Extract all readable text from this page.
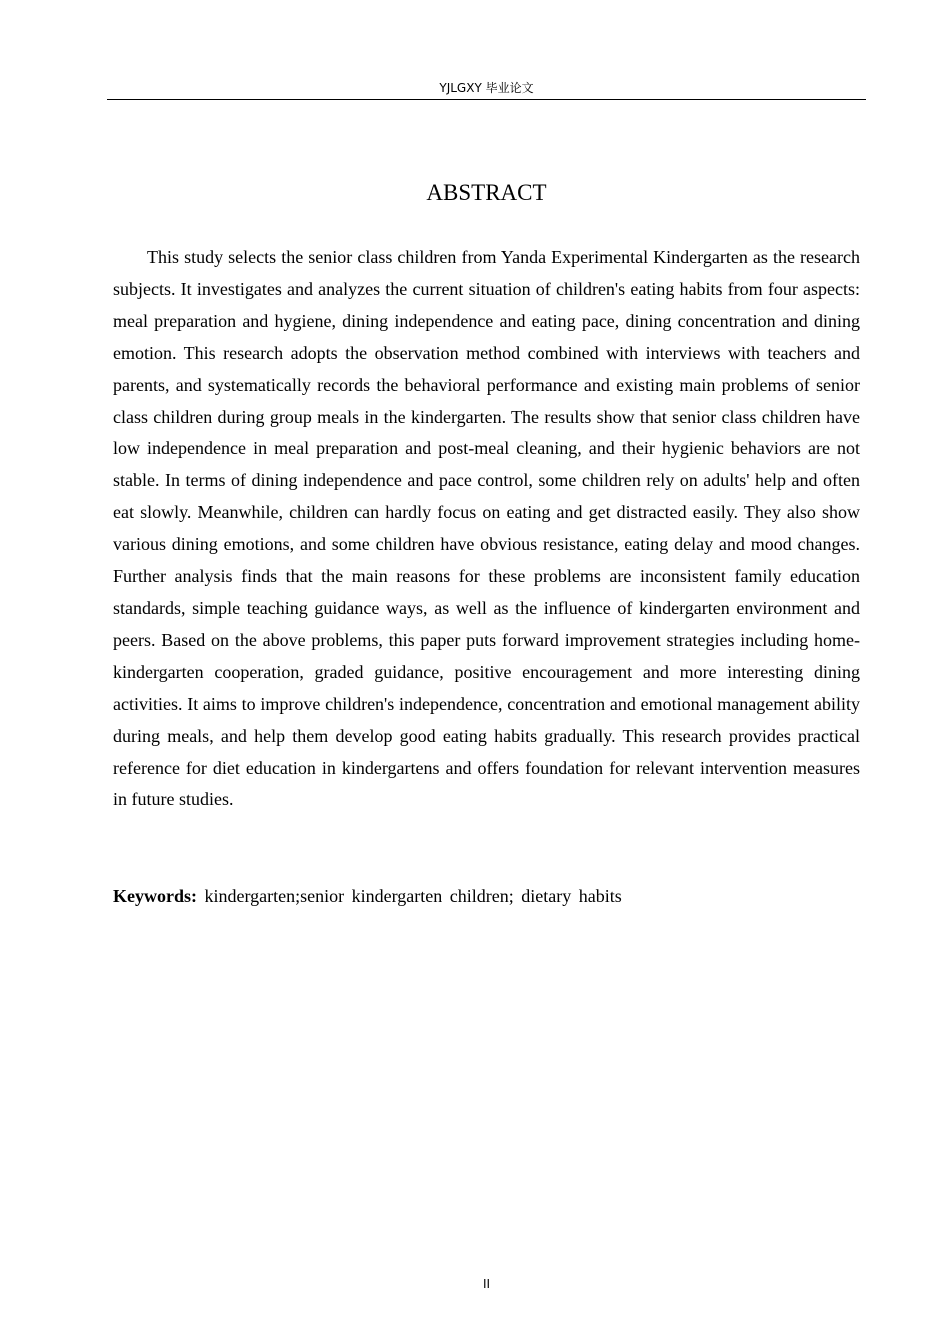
YJLGXY 毕业论文
ABSTRACT

This study selects the senior class children from Yanda Experimental Kindergarten as the research subjects. It investigates and analyzes the current situation of children's eating habits from four aspects: meal preparation and hygiene, dining independence and eating pace, dining concentration and dining emotion. This research adopts the observation method combined with interviews with teachers and parents, and systematically records the behavioral performance and existing main problems of senior class children during group meals in the kindergarten. The results show that senior class children have low independence in meal preparation and post-meal cleaning, and their hygienic behaviors are not stable. In terms of dining independence and pace control, some children rely on adults' help and often eat slowly. Meanwhile, children can hardly focus on eating and get distracted easily. They also show various dining emotions, and some children have obvious resistance, eating delay and mood changes. Further analysis finds that the main reasons for these problems are inconsistent family education standards, simple teaching guidance ways, as well as the influence of kindergarten environment and peers. Based on the above problems, this paper puts forward improvement strategies including home-kindergarten cooperation, graded guidance, positive encouragement and more interesting dining activities. It aims to improve children's independence, concentration and emotional management ability during meals, and help them develop good eating habits gradually. This research provides practical reference for diet education in kindergartens and offers foundation for relevant intervention measures in future studies.

Keywords: kindergarten;senior kindergarten children; dietary habits

II
